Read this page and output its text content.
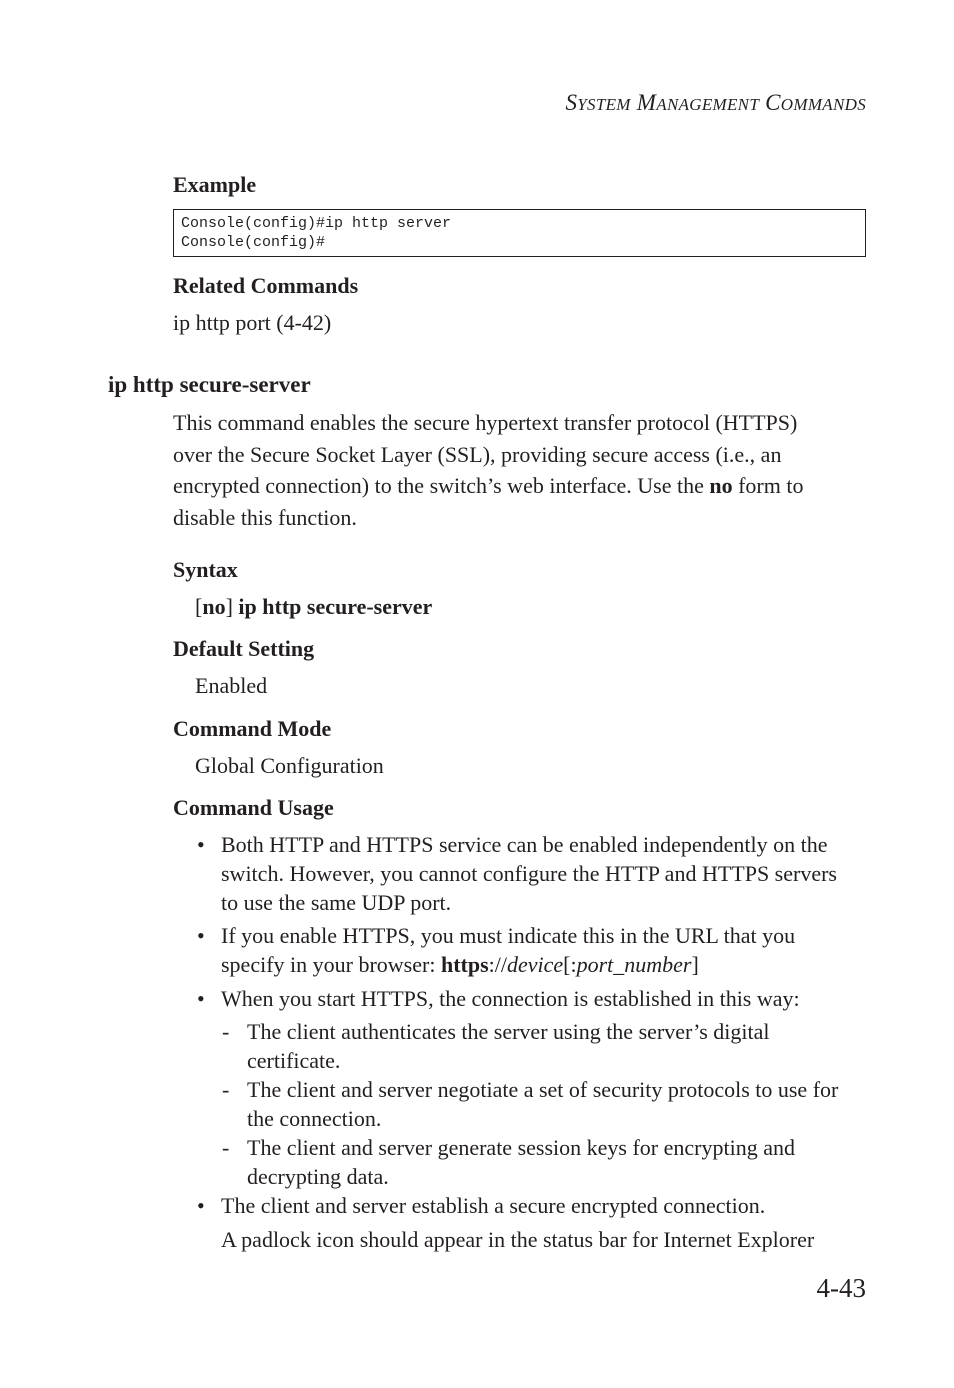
SYSTEM MANAGEMENT COMMANDS
Example
Console(config)#ip http server
Console(config)#
Related Commands
ip http port (4-42)
ip http secure-server
This command enables the secure hypertext transfer protocol (HTTPS)
over the Secure Socket Layer (SSL), providing secure access (i.e., an
encrypted connection) to the switch’s web interface. Use the no form to
disable this function.
Syntax
[no] ip http secure-server
Default Setting
Enabled
Command Mode
Global Configuration
Command Usage
• Both HTTP and HTTPS service can be enabled independently on the
switch. However, you cannot configure the HTTP and HTTPS servers
to use the same UDP port.
• If you enable HTTPS, you must indicate this in the URL that you
specify in your browser: https://device[:port_number]
• When you start HTTPS, the connection is established in this way:
- The client authenticates the server using the server’s digital
certificate.
- The client and server negotiate a set of security protocols to use for
the connection.
- The client and server generate session keys for encrypting and
decrypting data.
• The client and server establish a secure encrypted connection.
A padlock icon should appear in the status bar for Internet Explorer
4-43
